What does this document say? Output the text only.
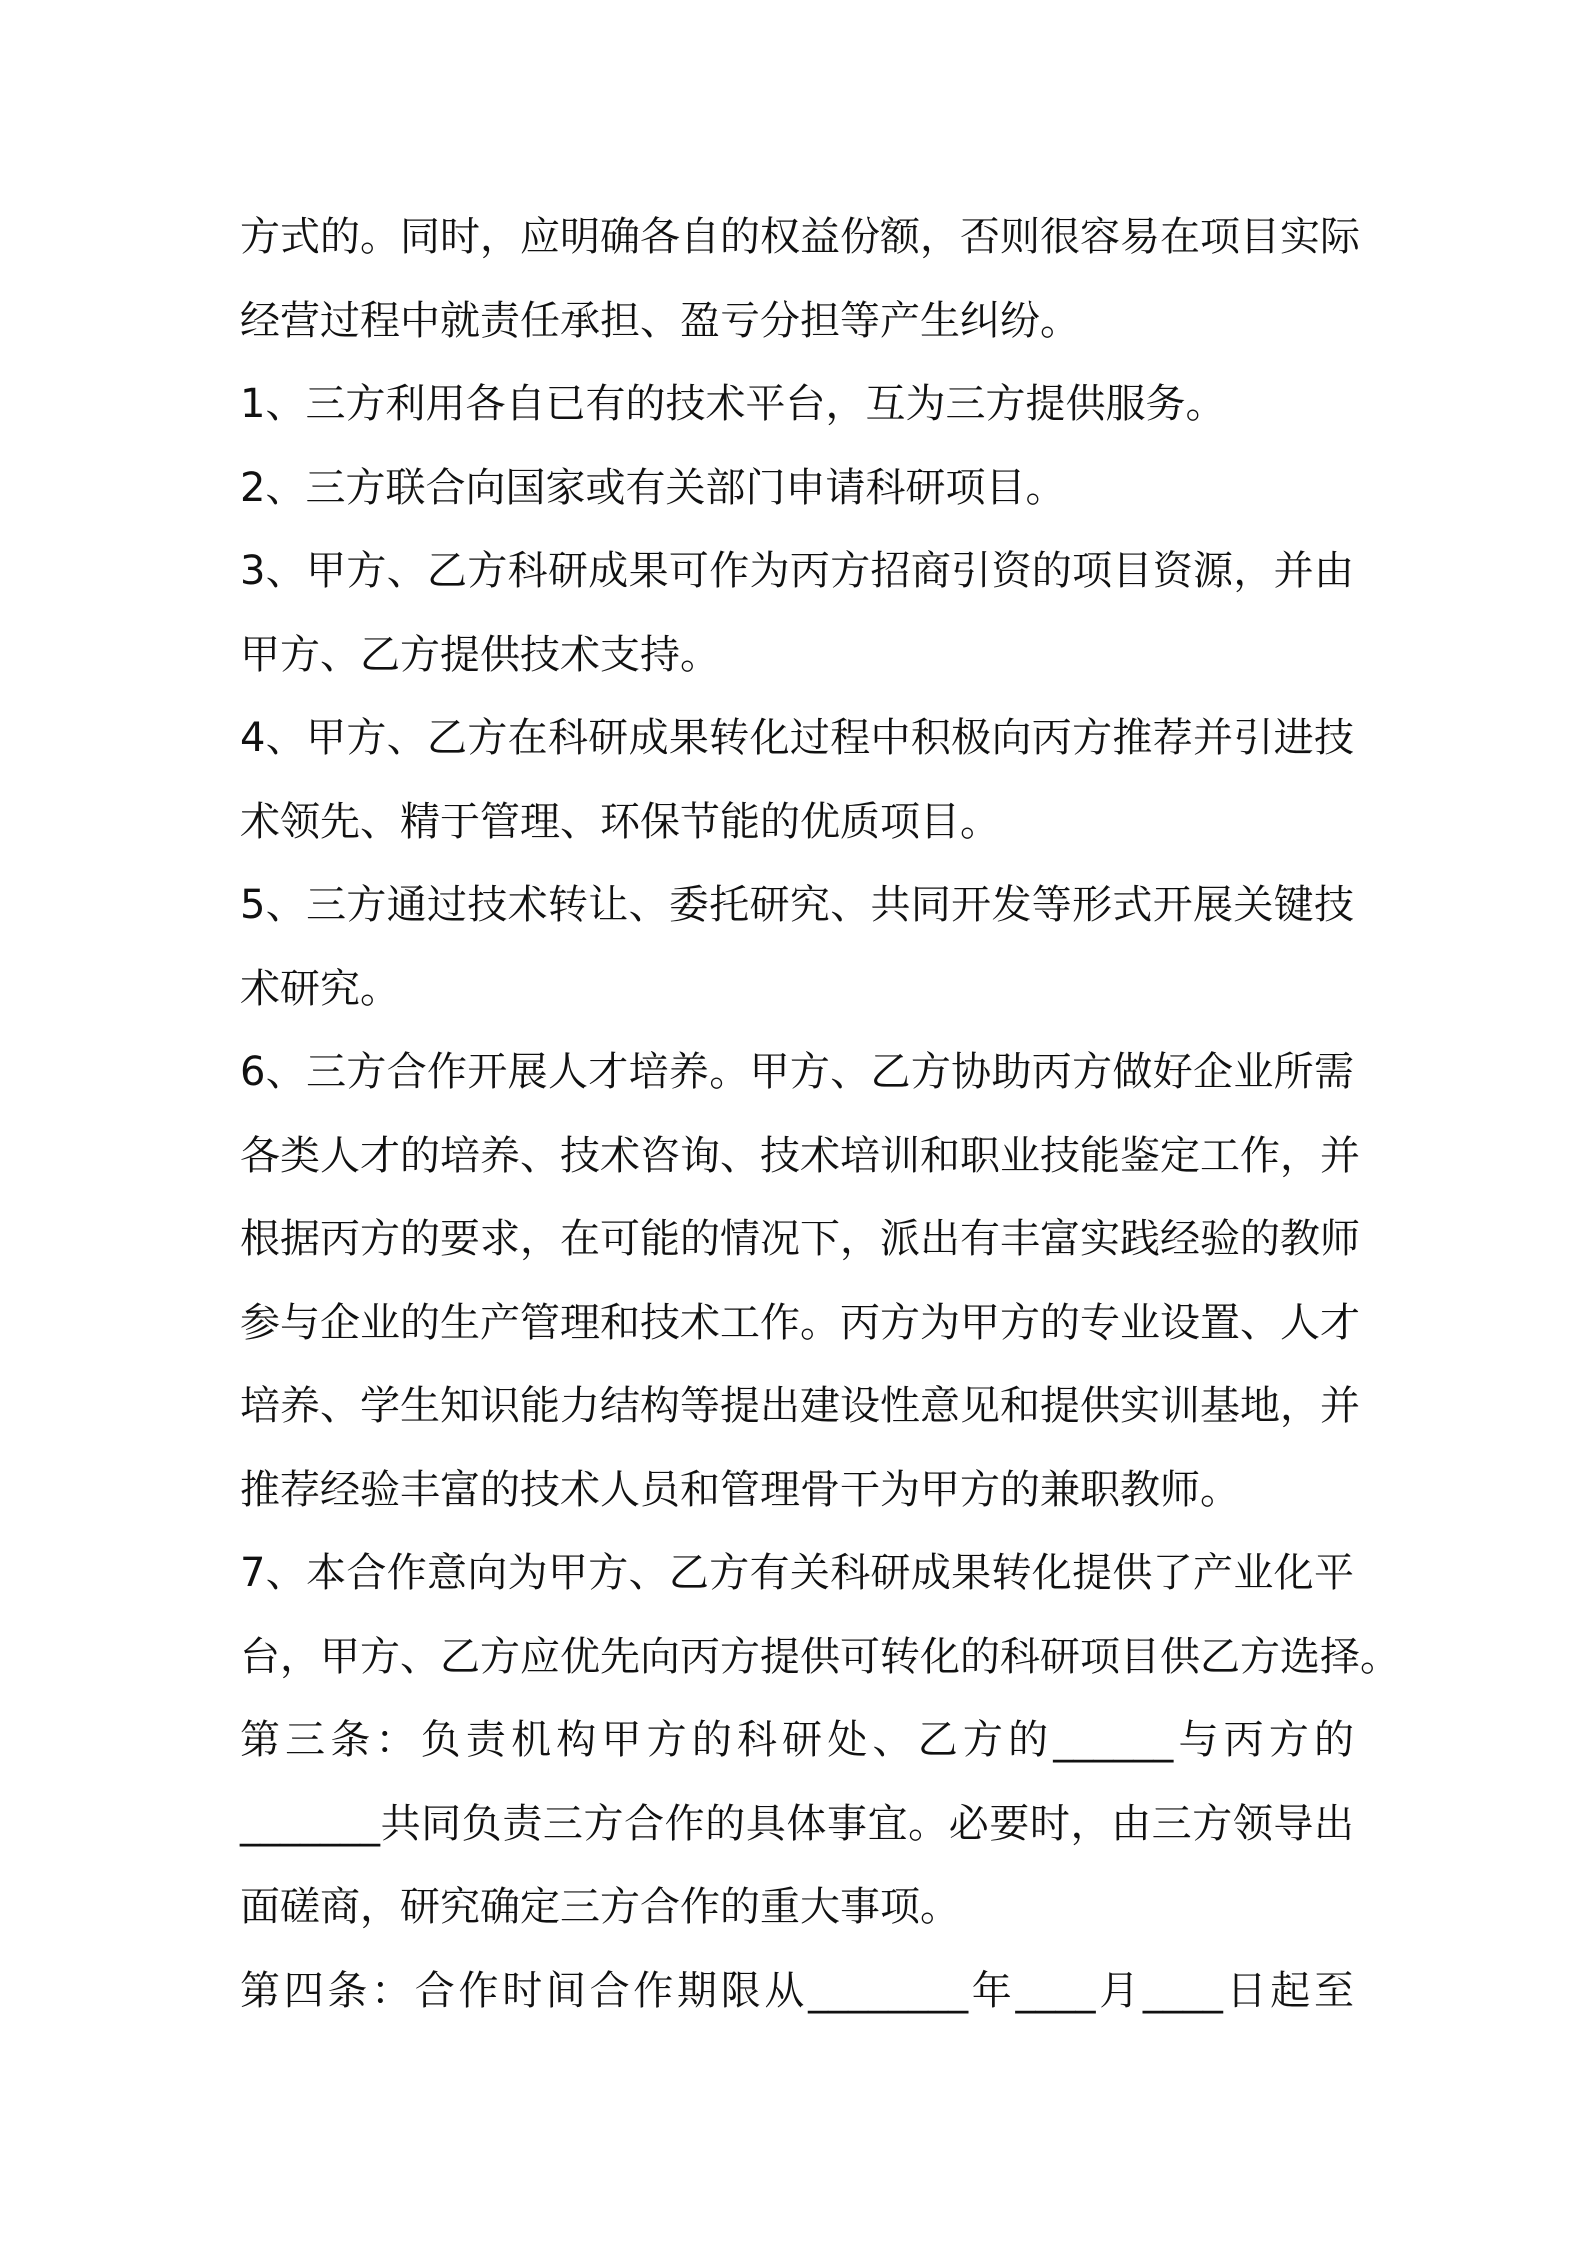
方式的。同时，应明确各自的权益份额，否则很容易在项目实际
经营过程中就责任承担、盈亏分担等产生纠纷。

1、三方利用各自已有的技术平台，互为三方提供服务。

2、三方联合向国家或有关部门申请科研项目。

3、甲方、乙方科研成果可作为丙方招商引资的项目资源，并由
甲方、乙方提供技术支持。

4、甲方、乙方在科研成果转化过程中积极向丙方推荐并引进技
术领先、精于管理、环保节能的优质项目。

5、三方通过技术转让、委托研究、共同开发等形式开展关键技
术研究。

6、三方合作开展人才培养。甲方、乙方协助丙方做好企业所需
各类人才的培养、技术咨询、技术培训和职业技能鉴定工作，并
根据丙方的要求，在可能的情况下，派出有丰富实践经验的教师
参与企业的生产管理和技术工作。丙方为甲方的专业设置、人才
培养、学生知识能力结构等提出建设性意见和提供实训基地，并
推荐经验丰富的技术人员和管理骨干为甲方的兼职教师。

7、本合作意向为甲方、乙方有关科研成果转化提供了产业化平
台，甲方、乙方应优先向丙方提供可转化的科研项目供乙方选择。

第三条：负责机构甲方的科研处、乙方的______与丙方的
_______共同负责三方合作的具体事宜。必要时，由三方领导出
面磋商，研究确定三方合作的重大事项。

第四条：合作时间合作期限从________年____月____日起至
